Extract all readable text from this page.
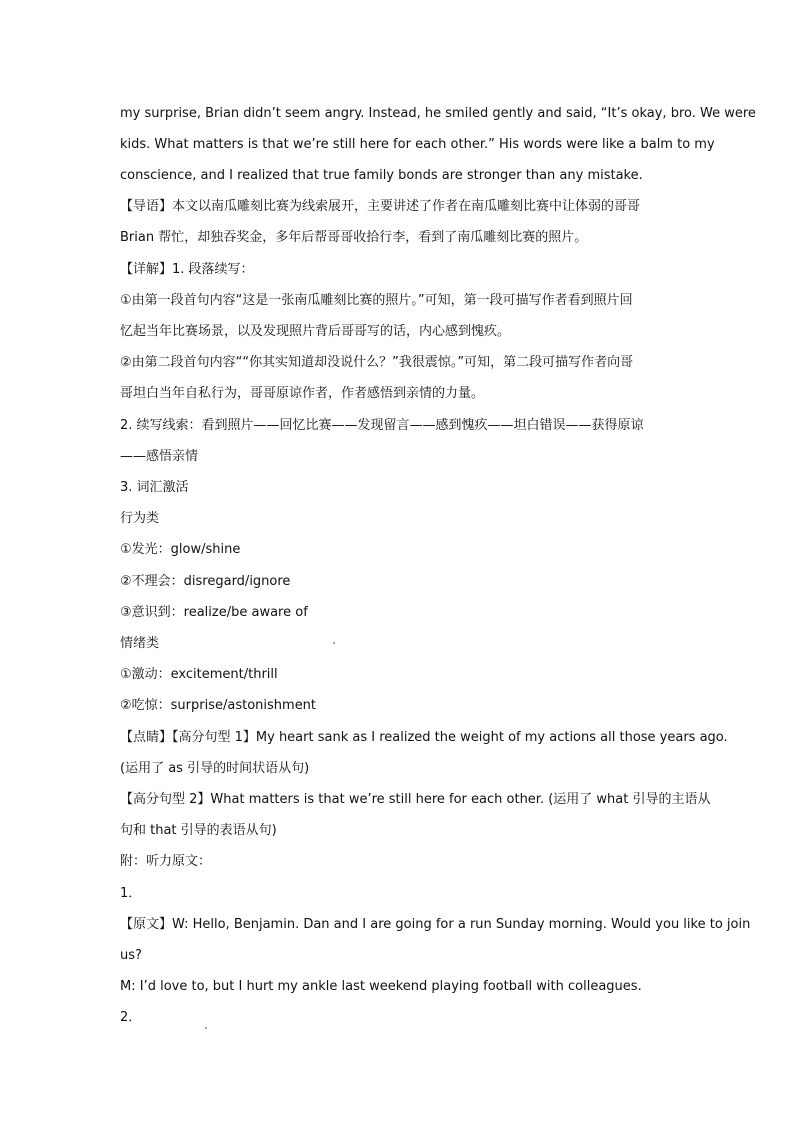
my surprise, Brian didn’t seem angry. Instead, he smiled gently and said, “It’s okay, bro. We were
kids. What matters is that we’re still here for each other.” His words were like a balm to my
conscience, and I realized that true family bonds are stronger than any mistake.
【导语】本文以南瓜雕刻比赛为线索展开，主要讲述了作者在南瓜雕刻比赛中让体弱的哥哥
Brian 帮忙，却独吞奖金，多年后帮哥哥收拾行李，看到了南瓜雕刻比赛的照片。
【详解】1. 段落续写：
①由第一段首句内容“这是一张南瓜雕刻比赛的照片。”可知，第一段可描写作者看到照片回
忆起当年比赛场景，以及发现照片背后哥哥写的话，内心感到愧疚。
②由第二段首句内容““你其实知道却没说什么？”我很震惊。”可知，第二段可描写作者向哥
哥坦白当年自私行为，哥哥原谅作者，作者感悟到亲情的力量。
2. 续写线索：看到照片——回忆比赛——发现留言——感到愧疚——坦白错误——获得原谅
——感悟亲情
3. 词汇激活
行为类
①发光：glow/shine
②不理会：disregard/ignore
③意识到：realize/be aware of
情绪类
①激动：excitement/thrill
②吃惊：surprise/astonishment
【点睛】【高分句型 1】My heart sank as I realized the weight of my actions all those years ago.
(运用了 as 引导的时间状语从句)
【高分句型 2】What matters is that we’re still here for each other. (运用了 what 引导的主语从
句和 that 引导的表语从句)
附：听力原文：
1．
【原文】W: Hello, Benjamin. Dan and I are going for a run Sunday morning. Would you like to join
us?
M: I’d love to, but I hurt my ankle last weekend playing football with colleagues.
2．
